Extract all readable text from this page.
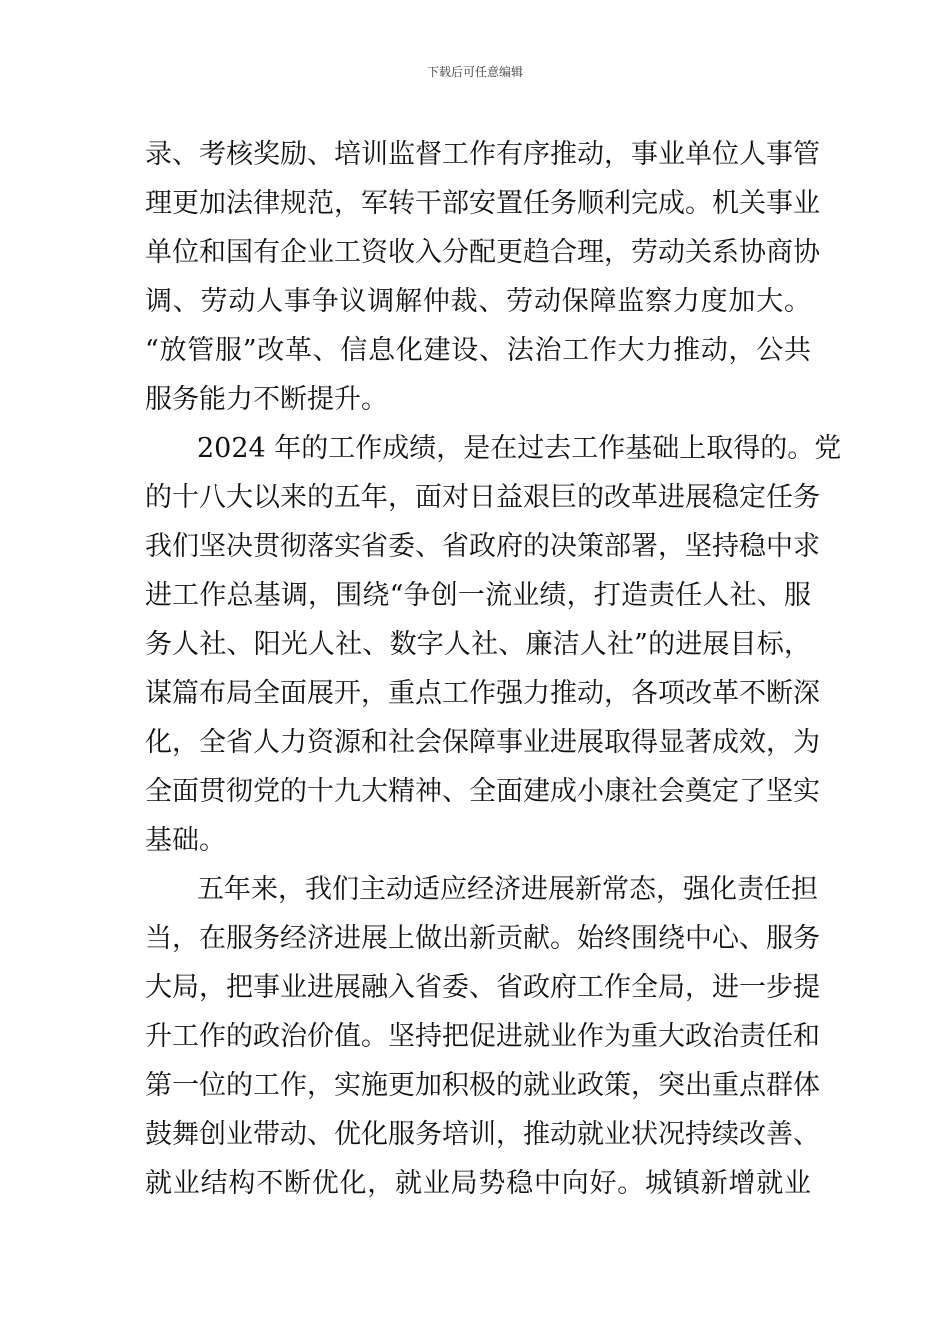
下载后可任意编辑
录、考核奖励、培训监督工作有序推动，事业单位人事管
理更加法律规范，军转干部安置任务顺利完成。机关事业
单位和国有企业工资收入分配更趋合理，劳动关系协商协
调、劳动人事争议调解仲裁、劳动保障监察力度加大。
“放管服”改革、信息化建设、法治工作大力推动，公共
服务能力不断提升。
2024 年的工作成绩，是在过去工作基础上取得的。党
的十八大以来的五年，面对日益艰巨的改革进展稳定任务
我们坚决贯彻落实省委、省政府的决策部署，坚持稳中求
进工作总基调，围绕“争创一流业绩，打造责任人社、服
务人社、阳光人社、数字人社、廉洁人社”的进展目标，
谋篇布局全面展开，重点工作强力推动，各项改革不断深
化，全省人力资源和社会保障事业进展取得显著成效，为
全面贯彻党的十九大精神、全面建成小康社会奠定了坚实
基础。
五年来，我们主动适应经济进展新常态，强化责任担
当，在服务经济进展上做出新贡献。始终围绕中心、服务
大局，把事业进展融入省委、省政府工作全局，进一步提
升工作的政治价值。坚持把促进就业作为重大政治责任和
第一位的工作，实施更加积极的就业政策，突出重点群体
鼓舞创业带动、优化服务培训，推动就业状况持续改善、
就业结构不断优化，就业局势稳中向好。城镇新增就业
